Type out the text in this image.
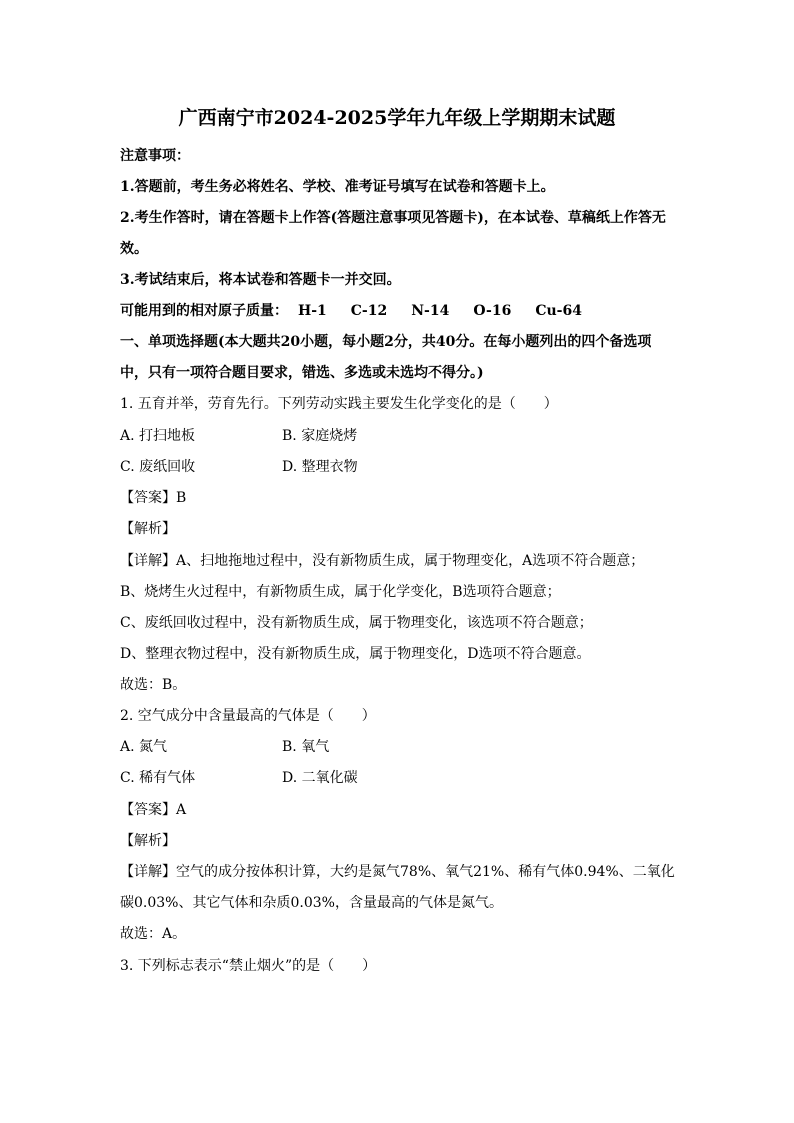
广西南宁市2024-2025学年九年级上学期期末试题
注意事项：
1.答题前，考生务必将姓名、学校、准考证号填写在试卷和答题卡上。
2.考生作答时，请在答题卡上作答(答题注意事项见答题卡)，在本试卷、草稿纸上作答无
效。
3.考试结束后，将本试卷和答题卡一并交回。
可能用到的相对原子质量： H-1 C-12 N-14 O-16 Cu-64
一、单项选择题(本大题共20小题，每小题2分，共40分。在每小题列出的四个备选项
中，只有一项符合题目要求，错选、多选或未选均不得分。)
1. 五育并举，劳育先行。下列劳动实践主要发生化学变化的是（　　）
A. 打扫地板	B. 家庭烧烤
C. 废纸回收	D. 整理衣物
【答案】B
【解析】
【详解】A、扫地拖地过程中，没有新物质生成，属于物理变化，A选项不符合题意；
B、烧烤生火过程中，有新物质生成，属于化学变化，B选项符合题意；
C、废纸回收过程中，没有新物质生成，属于物理变化，该选项不符合题意；
D、整理衣物过程中，没有新物质生成，属于物理变化，D选项不符合题意。
故选：B。
2. 空气成分中含量最高的气体是（　　）
A. 氮气	B. 氧气
C. 稀有气体	D. 二氧化碳
【答案】A
【解析】
【详解】空气的成分按体积计算，大约是氮气78%、氧气21%、稀有气体0.94%、二氧化
碳0.03%、其它气体和杂质0.03%，含量最高的气体是氮气。
故选：A。
3. 下列标志表示“禁止烟火”的是（　　）
